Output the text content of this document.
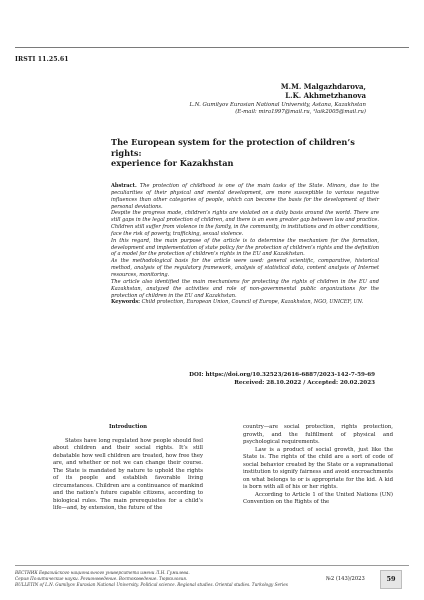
IRSTI 11.25.61
M.M. Malgazhdarova,
L.K. Akhmetzhanova
L.N. Gumilyov Eurasian National University, Astana, Kazakhstan
(E-mail: mira1997@mail.ru, ¹laik2005@mail.ru)
The European system for the protection of children’s rights:
experience for Kazakhstan

Abstract. The protection of childhood is one of the main tasks of the State. Minors, due to the peculiarities of their physical and mental development, are more susceptible to various negative influences than other categories of people, which can become the basis for the development of their personal deviations.

Despite the progress made, children’s rights are violated on a daily basis around the world. There are still gaps in the legal protection of children, and there is an even greater gap between law and practice. Children still suffer from violence in the family, in the community, in institutions and in other conditions, face the risk of poverty, trafficking, sexual violence.

In this regard, the main purpose of the article is to determine the mechanism for the formation, development and implementation of state policy for the protection of children’s rights and the definition of a model for the protection of children’s rights in the EU and Kazakhstan.

As the methodological basis for the article were used: general scientific, comparative, historical method, analysis of the regulatory framework, analysis of statistical data, content analysis of Internet resources, monitoring.

The article also identified the main mechanisms for protecting the rights of children in the EU and Kazakhstan, analyzed the activities and role of non-governmental public organizations for the protection of children in the EU and Kazakhstan.

Keywords: Child protection, European Union, Council of Europe, Kazakhstan, NGO, UNICEF, UN.

DOI: https://doi.org/10.32523/2616-6887/2023-142-7-59-69
Received: 28.10.2022 / Accepted: 20.02.2023

Introduction

States have long regulated how people should feel about children and their social rights. It’s still debatable how well children are treated, how free they are, and whether or not we can change their course. The State is mandated by nature to uphold the rights of its people and establish favorable living circumstances. Children are a continuance of mankind and the nation’s future capable citizens, according to biological rules. The main prerequisites for a child’s life—and, by extension, the future of the

country—are social protection, rights protection, growth, and the fulfillment of physical and psychological requirements.

Law is a product of social growth, just like the State is. The rights of the child are a sort of code of social behavior created by the State or a supranational institution to signify fairness and avoid encroachments on what belongs to or is appropriate for the kid. A kid is born with all of his or her rights.

According to Article 1 of the United Nations (UN) Convention on the Rights of the

ВЕСТНИК Евразийского национального университета имени Л.Н. Гумилева.
Серия Политические науки. Регионоведение. Востоковедение. Тюркология.
BULLETIN of L.N. Gumilyov Eurasian National University. Political science. Regional studies. Oriental studies. Turkology Series
№2 (143)/2023	59
